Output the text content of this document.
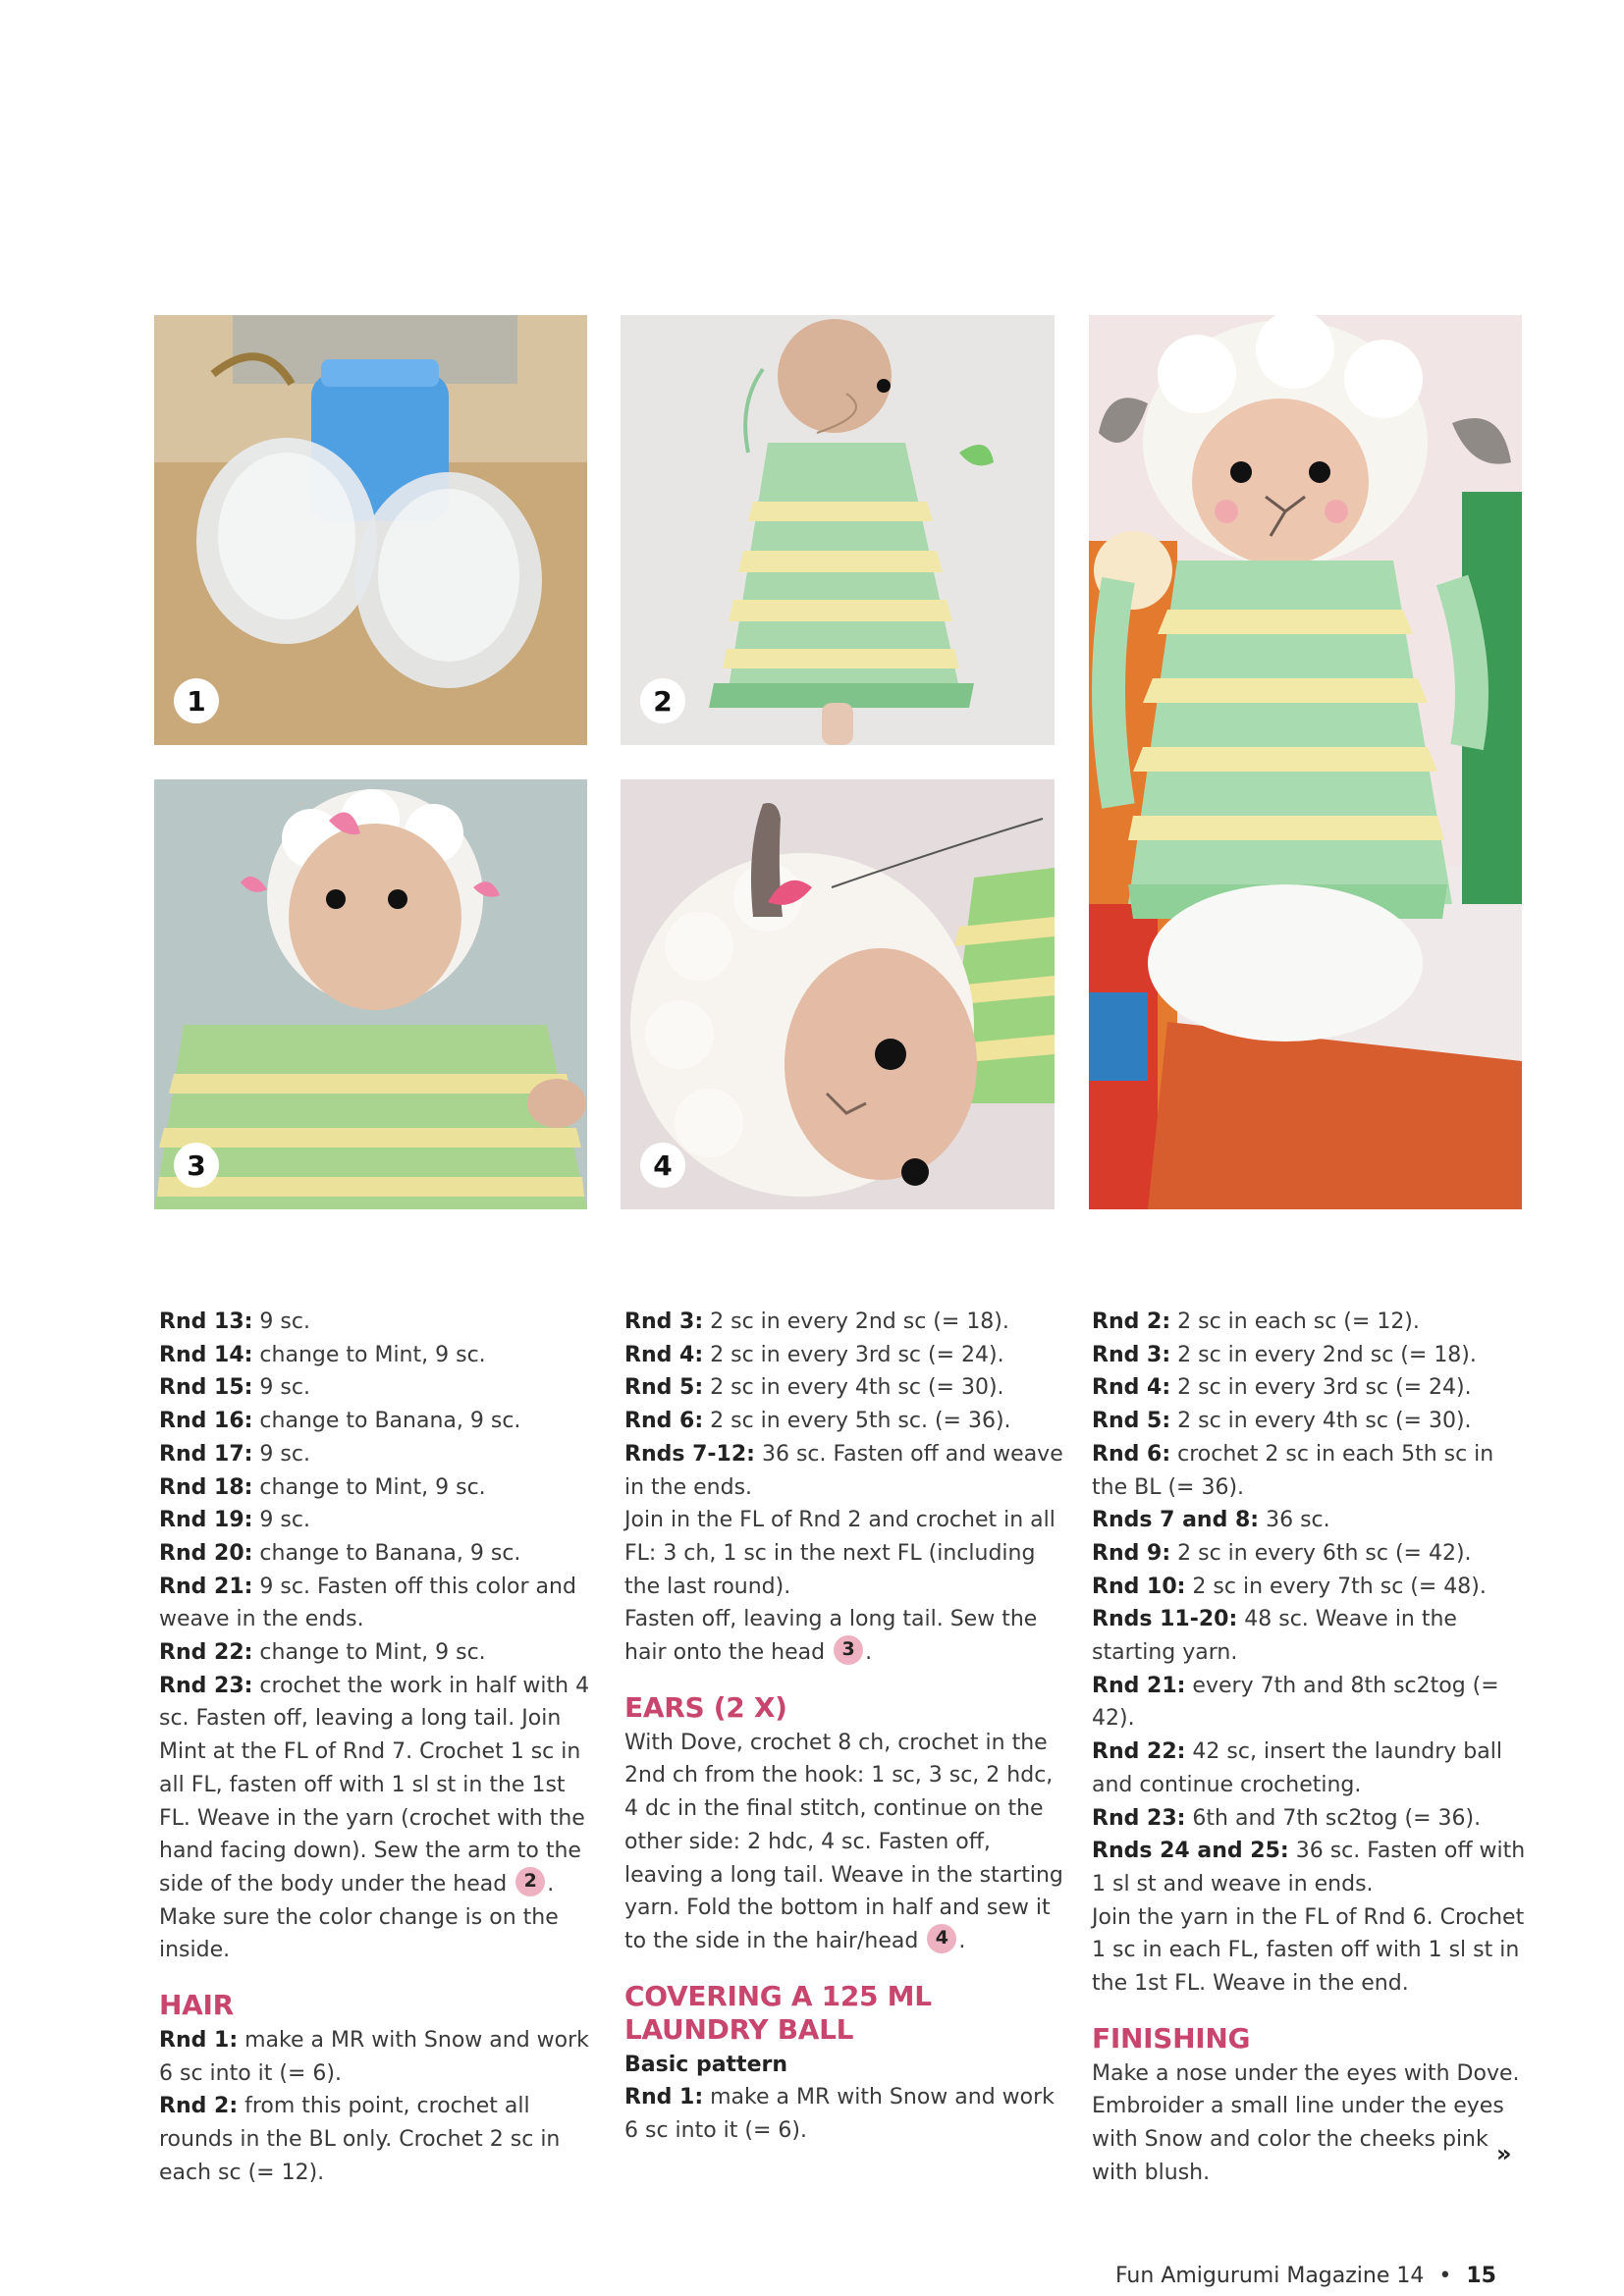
1	2
3	4

Rnd 13: 9 sc.

Rnd 14: change to Mint, 9 sc.

Rnd 15: 9 sc.

Rnd 16: change to Banana, 9 sc.

Rnd 17: 9 sc.

Rnd 18: change to Mint, 9 sc.

Rnd 19: 9 sc.

Rnd 20: change to Banana, 9 sc.

Rnd 21: 9 sc. Fasten off this color and weave in the ends.

Rnd 22: change to Mint, 9 sc.

Rnd 23: crochet the work in half with 4 sc. Fasten off, leaving a long tail. Join Mint at the FL of Rnd 7. Crochet 1 sc in all FL, fasten off with 1 sl st in the 1st FL. Weave in the yarn (crochet with the hand facing down). Sew the arm to the side of the body under the head 2 . Make sure the color change is on the inside.

HAIR

Rnd 1: make a MR with Snow and work 6 sc into it (= 6).

Rnd 2: from this point, crochet all rounds in the BL only. Crochet 2 sc in each sc (= 12).

Rnd 3: 2 sc in every 2nd sc (= 18).

Rnd 4: 2 sc in every 3rd sc (= 24).

Rnd 5: 2 sc in every 4th sc (= 30).

Rnd 6: 2 sc in every 5th sc. (= 36).

Rnds 7-12: 36 sc. Fasten off and weave in the ends.

Join in the FL of Rnd 2 and crochet in all FL: 3 ch, 1 sc in the next FL (including the last round).

Fasten off, leaving a long tail. Sew the hair onto the head 3 .

EARS (2 X)

With Dove, crochet 8 ch, crochet in the 2nd ch from the hook: 1 sc, 3 sc, 2 hdc, 4 dc in the final stitch, continue on the other side: 2 hdc, 4 sc. Fasten off, leaving a long tail. Weave in the starting yarn. Fold the bottom in half and sew it to the side in the hair/head 4 .

COVERING A 125 ML LAUNDRY BALL

Basic pattern

Rnd 1: make a MR with Snow and work 6 sc into it (= 6).

Rnd 2: 2 sc in each sc (= 12).

Rnd 3: 2 sc in every 2nd sc (= 18).

Rnd 4: 2 sc in every 3rd sc (= 24).

Rnd 5: 2 sc in every 4th sc (= 30).

Rnd 6: crochet 2 sc in each 5th sc in the BL (= 36).

Rnds 7 and 8: 36 sc.

Rnd 9: 2 sc in every 6th sc (= 42).

Rnd 10: 2 sc in every 7th sc (= 48).

Rnds 11-20: 48 sc. Weave in the starting yarn.

Rnd 21: every 7th and 8th sc2tog (= 42).

Rnd 22: 42 sc, insert the laundry ball and continue crocheting.

Rnd 23: 6th and 7th sc2tog (= 36).

Rnds 24 and 25: 36 sc. Fasten off with 1 sl st and weave in ends.

Join the yarn in the FL of Rnd 6. Crochet 1 sc in each FL, fasten off with 1 sl st in the 1st FL. Weave in the end.

FINISHING

Make a nose under the eyes with Dove. Embroider a small line under the eyes with Snow and color the cheeks pink with blush.

»
Fun Amigurumi Magazine 14 • 15
